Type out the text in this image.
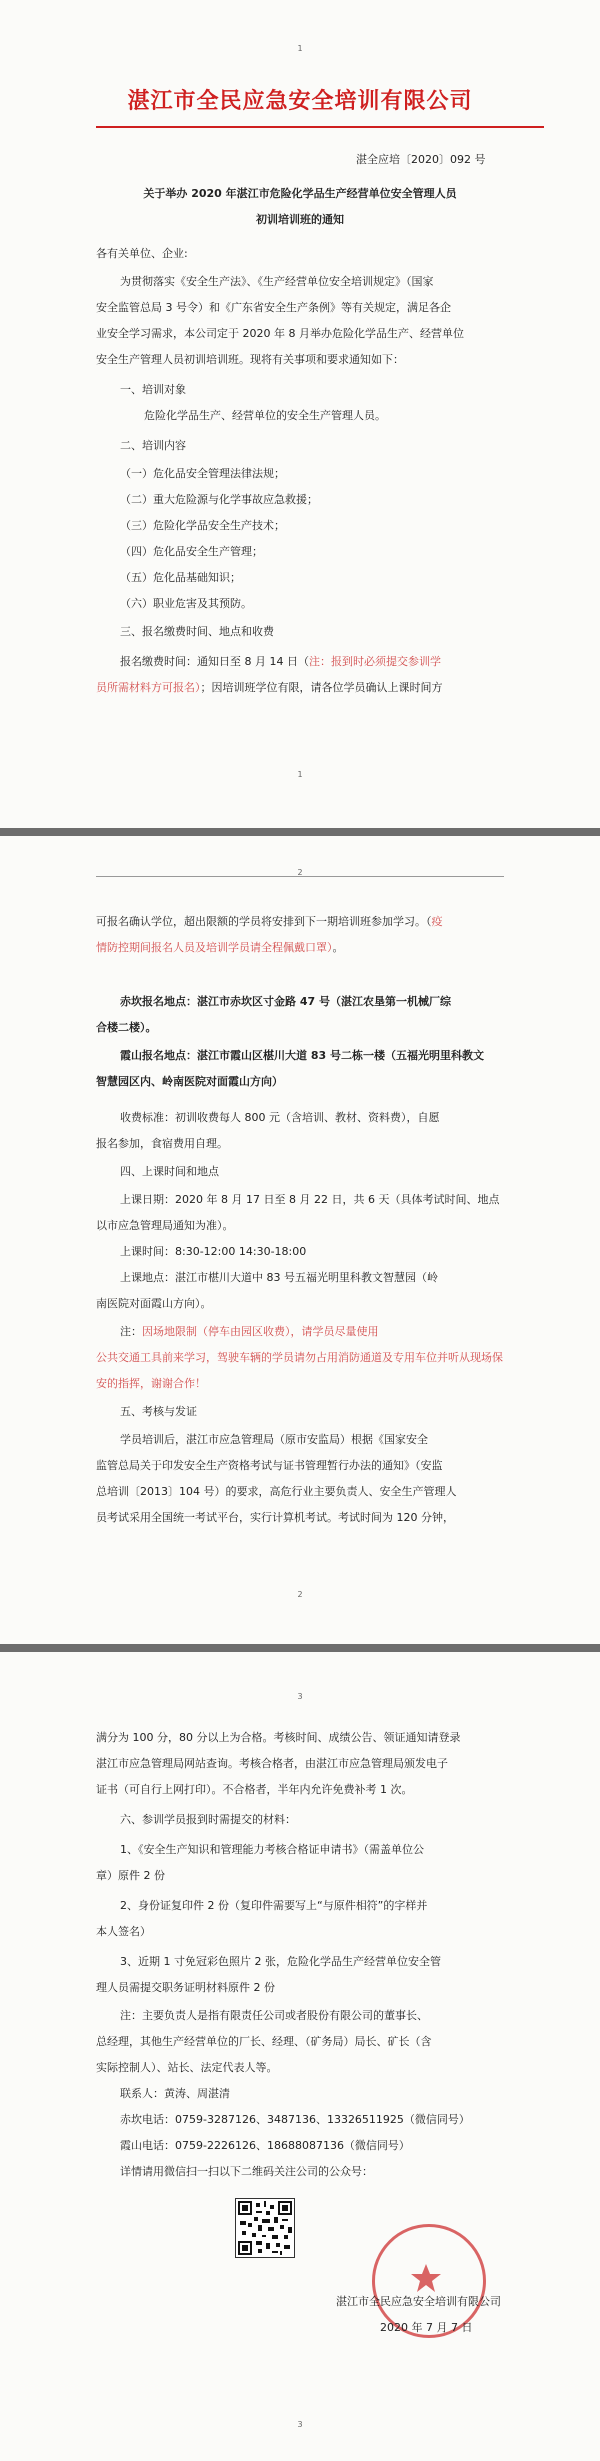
1
湛江市全民应急安全培训有限公司
湛全应培〔2020〕092 号
关于举办 2020 年湛江市危险化学品生产经营单位安全管理人员
初训培训班的通知
各有关单位、企业:
为贯彻落实《安全生产法》、《生产经营单位安全培训规定》（国家
安全监管总局 3 号令）和《广东省安全生产条例》等有关规定，满足各企
业安全学习需求，本公司定于 2020 年 8 月举办危险化学品生产、经营单位
安全生产管理人员初训培训班。现将有关事项和要求通知如下：
一、培训对象
危险化学品生产、经营单位的安全生产管理人员。
二、培训内容
（一）危化品安全管理法律法规；
（二）重大危险源与化学事故应急救援；
（三）危险化学品安全生产技术；
（四）危化品安全生产管理；
（五）危化品基础知识；
（六）职业危害及其预防。
三、报名缴费时间、地点和收费
报名缴费时间：通知日至 8 月 14 日（注：报到时必须提交参训学
员所需材料方可报名）；因培训班学位有限，请各位学员确认上课时间方
1
2
可报名确认学位，超出限额的学员将安排到下一期培训班参加学习。（疫
情防控期间报名人员及培训学员请全程佩戴口罩）。
赤坎报名地点：湛江市赤坎区寸金路 47 号（湛江农垦第一机械厂综
合楼二楼）。
霞山报名地点：湛江市霞山区椹川大道 83 号二栋一楼（五福光明里科教文
智慧园区内、岭南医院对面霞山方向）
收费标准：初训收费每人 800 元（含培训、教材、资料费），自愿
报名参加，食宿费用自理。
四、上课时间和地点
上课日期：2020 年 8 月 17 日至 8 月 22 日，共 6 天（具体考试时间、地点
以市应急管理局通知为准）。
上课时间：8:30-12:00 14:30-18:00
上课地点：湛江市椹川大道中 83 号五福光明里科教文智慧园（岭
南医院对面霞山方向）。
注：因场地限制（停车由园区收费），请学员尽量使用
公共交通工具前来学习，驾驶车辆的学员请勿占用消防通道及专用车位并听从现场保
安的指挥，谢谢合作！
五、考核与发证
学员培训后，湛江市应急管理局（原市安监局）根据《国家安全
监管总局关于印发安全生产资格考试与证书管理暂行办法的通知》（安监
总培训〔2013〕104 号）的要求，高危行业主要负责人、安全生产管理人
员考试采用全国统一考试平台，实行计算机考试。考试时间为 120 分钟，
2
3
满分为 100 分，80 分以上为合格。考核时间、成绩公告、领证通知请登录
湛江市应急管理局网站查询。考核合格者，由湛江市应急管理局颁发电子
证书（可自行上网打印）。不合格者，半年内允许免费补考 1 次。
六、参训学员报到时需提交的材料：
1、《安全生产知识和管理能力考核合格证申请书》（需盖单位公
章）原件 2 份
2、身份证复印件 2 份（复印件需要写上“与原件相符”的字样并
本人签名）
3、近期 1 寸免冠彩色照片 2 张，危险化学品生产经营单位安全管
理人员需提交职务证明材料原件 2 份
注：主要负责人是指有限责任公司或者股份有限公司的董事长、
总经理，其他生产经营单位的厂长、经理、（矿务局）局长、矿长（含
实际控制人）、站长、法定代表人等。
联系人：黄涛、周湛清
赤坎电话：0759-3287126、3487136、13326511925（微信同号）
霞山电话：0759-2226126、18688087136（微信同号）
详情请用微信扫一扫以下二维码关注公司的公众号：
湛江市全民应急安全培训有限公司
2020 年 7 月 7 日
3
